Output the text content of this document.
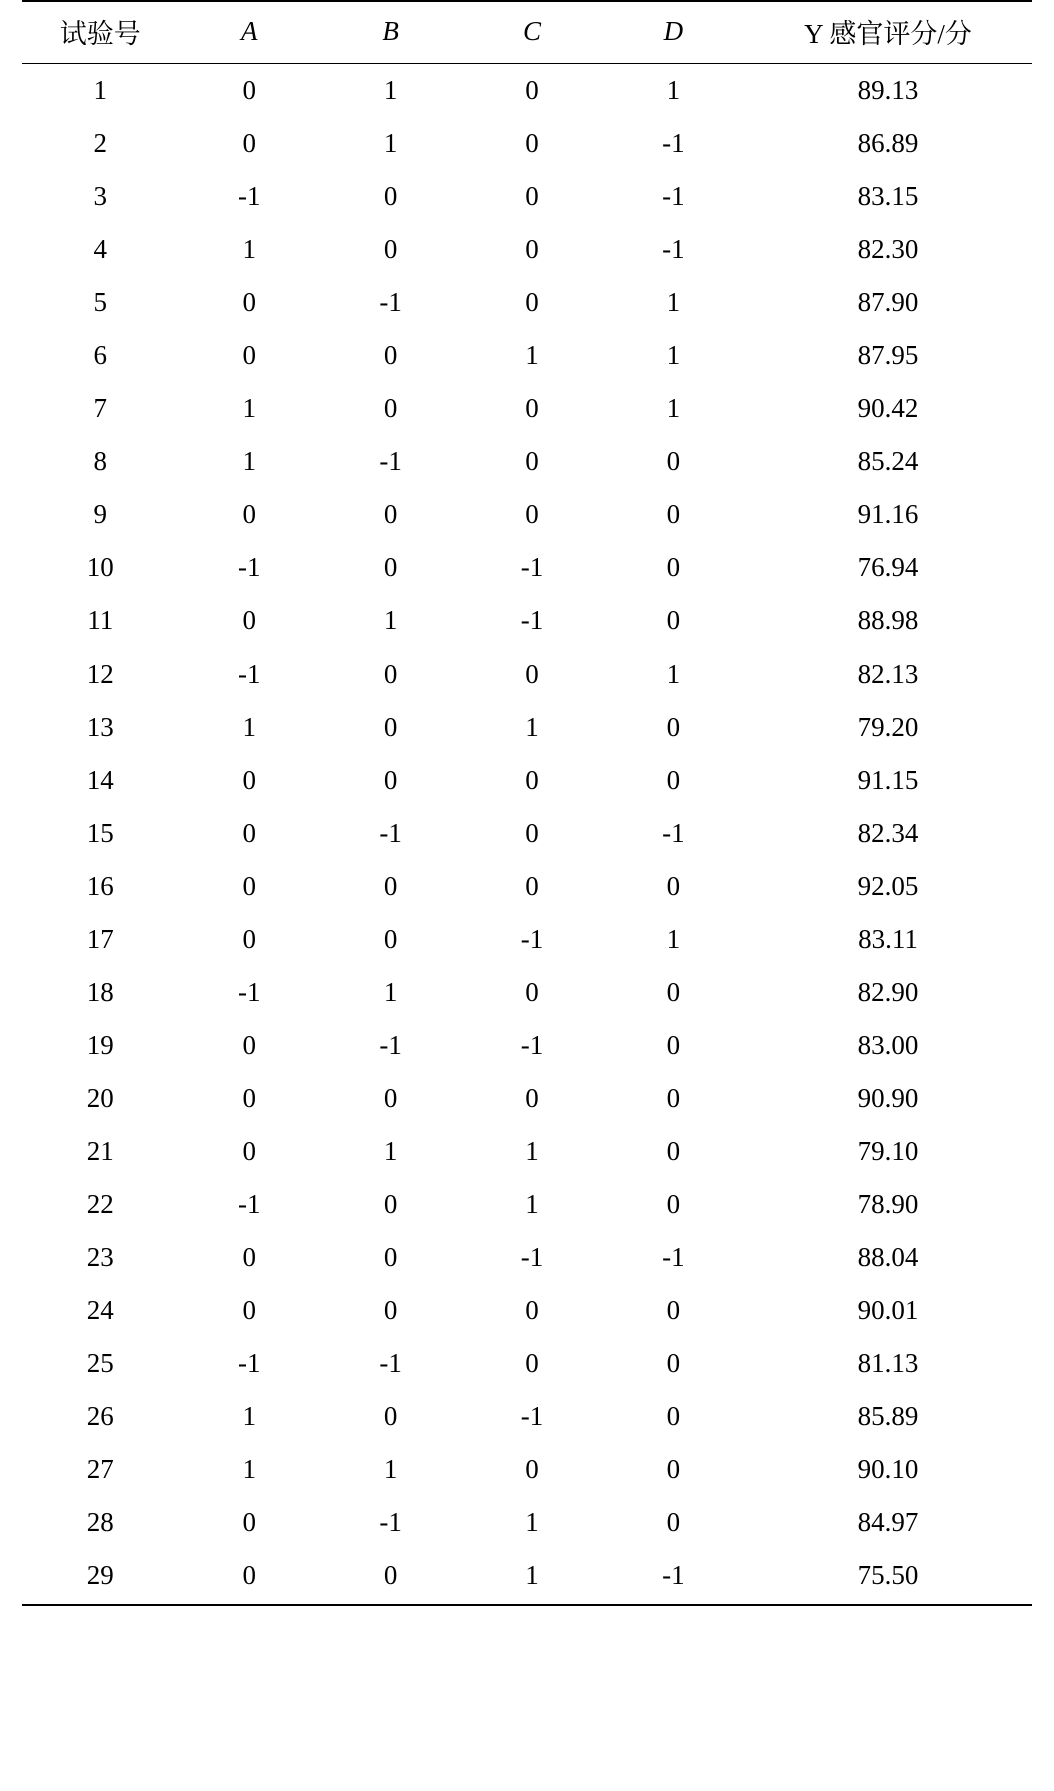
试验号	A	B	C	D	Y 感官评分/分
1	0	1	0	1	89.13
2	0	1	0	-1	86.89
3	-1	0	0	-1	83.15
4	1	0	0	-1	82.30
5	0	-1	0	1	87.90
6	0	0	1	1	87.95
7	1	0	0	1	90.42
8	1	-1	0	0	85.24
9	0	0	0	0	91.16
10	-1	0	-1	0	76.94
11	0	1	-1	0	88.98
12	-1	0	0	1	82.13
13	1	0	1	0	79.20
14	0	0	0	0	91.15
15	0	-1	0	-1	82.34
16	0	0	0	0	92.05
17	0	0	-1	1	83.11
18	-1	1	0	0	82.90
19	0	-1	-1	0	83.00
20	0	0	0	0	90.90
21	0	1	1	0	79.10
22	-1	0	1	0	78.90
23	0	0	-1	-1	88.04
24	0	0	0	0	90.01
25	-1	-1	0	0	81.13
26	1	0	-1	0	85.89
27	1	1	0	0	90.10
28	0	-1	1	0	84.97
29	0	0	1	-1	75.50
